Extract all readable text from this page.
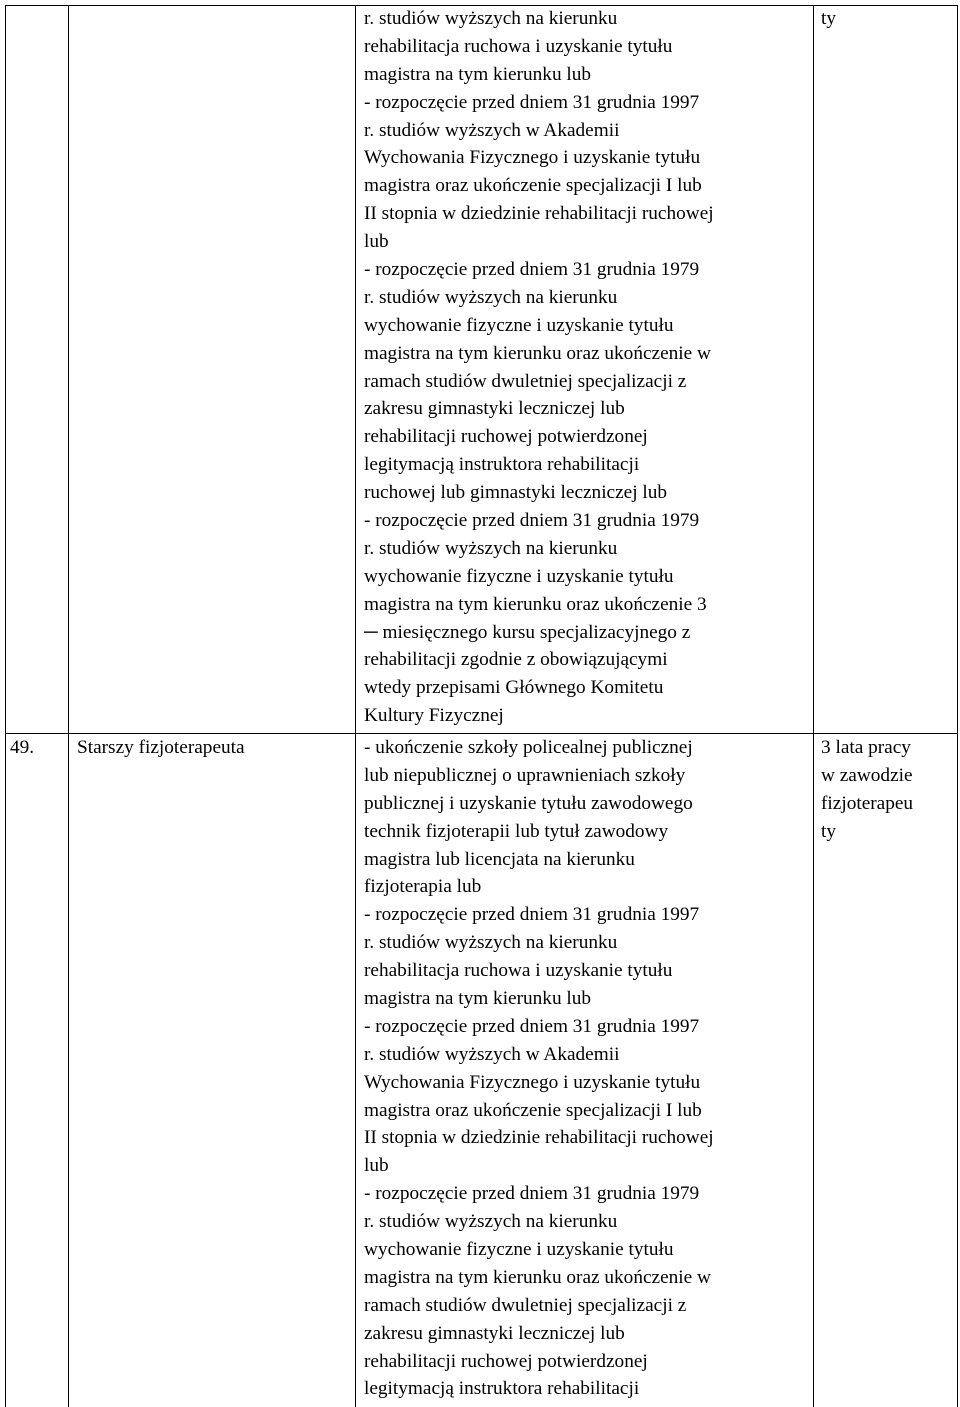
r. studiów wyższych na kierunku
rehabilitacja ruchowa i uzyskanie tytułu
magistra na tym kierunku lub
- rozpoczęcie przed dniem 31 grudnia 1997
r. studiów wyższych w Akademii
Wychowania Fizycznego i uzyskanie tytułu
magistra oraz ukończenie specjalizacji I lub
II stopnia w dziedzinie rehabilitacji ruchowej
lub
- rozpoczęcie przed dniem 31 grudnia 1979
r. studiów wyższych na kierunku
wychowanie fizyczne i uzyskanie tytułu
magistra na tym kierunku oraz ukończenie w
ramach studiów dwuletniej specjalizacji z
zakresu gimnastyki leczniczej lub
rehabilitacji ruchowej potwierdzonej
legitymacją instruktora rehabilitacji
ruchowej lub gimnastyki leczniczej lub
- rozpoczęcie przed dniem 31 grudnia 1979
r. studiów wyższych na kierunku
wychowanie fizyczne i uzyskanie tytułu
magistra na tym kierunku oraz ukończenie 3
─ miesięcznego kursu specjalizacyjnego z
rehabilitacji zgodnie z obowiązującymi
wtedy przepisami Głównego Komitetu
Kultury Fizycznej
ty
49. Starszy fizjoterapeuta	- ukończenie szkoły policealnej publicznej
lub niepublicznej o uprawnieniach szkoły
publicznej i uzyskanie tytułu zawodowego
technik fizjoterapii lub tytuł zawodowy
magistra lub licencjata na kierunku
fizjoterapia lub
- rozpoczęcie przed dniem 31 grudnia 1997
r. studiów wyższych na kierunku
rehabilitacja ruchowa i uzyskanie tytułu
magistra na tym kierunku lub
- rozpoczęcie przed dniem 31 grudnia 1997
r. studiów wyższych w Akademii
Wychowania Fizycznego i uzyskanie tytułu
magistra oraz ukończenie specjalizacji I lub
II stopnia w dziedzinie rehabilitacji ruchowej
lub
- rozpoczęcie przed dniem 31 grudnia 1979
r. studiów wyższych na kierunku
wychowanie fizyczne i uzyskanie tytułu
magistra na tym kierunku oraz ukończenie w
ramach studiów dwuletniej specjalizacji z
zakresu gimnastyki leczniczej lub
rehabilitacji ruchowej potwierdzonej
legitymacją instruktora rehabilitacji
3 lata pracy
w zawodzie
fizjoterapeu
ty
